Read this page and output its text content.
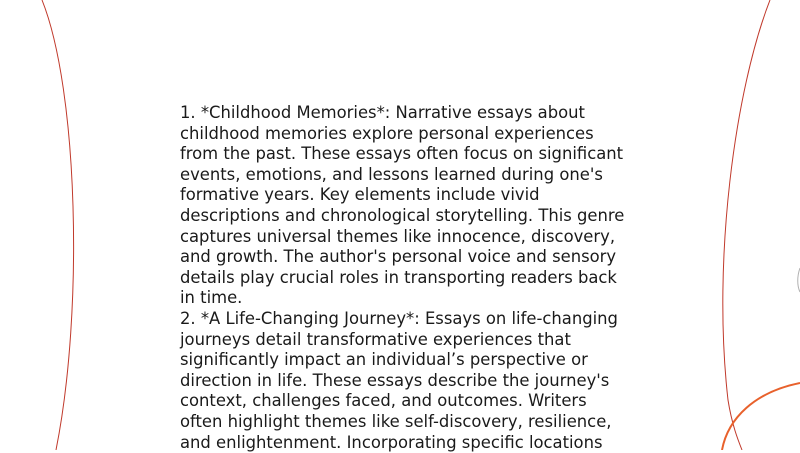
1. *Childhood Memories*: Narrative essays about childhood memories explore personal experiences from the past. These essays often focus on significant events, emotions, and lessons learned during one's formative years. Key elements include vivid descriptions and chronological storytelling. This genre captures universal themes like innocence, discovery, and growth. The author's personal voice and sensory details play crucial roles in transporting readers back in time.

2. *A Life-Changing Journey*: Essays on life-changing journeys detail transformative experiences that significantly impact an individual’s perspective or direction in life. These essays describe the journey's context, challenges faced, and outcomes. Writers often highlight themes like self-discovery, resilience, and enlightenment. Incorporating specific locations
